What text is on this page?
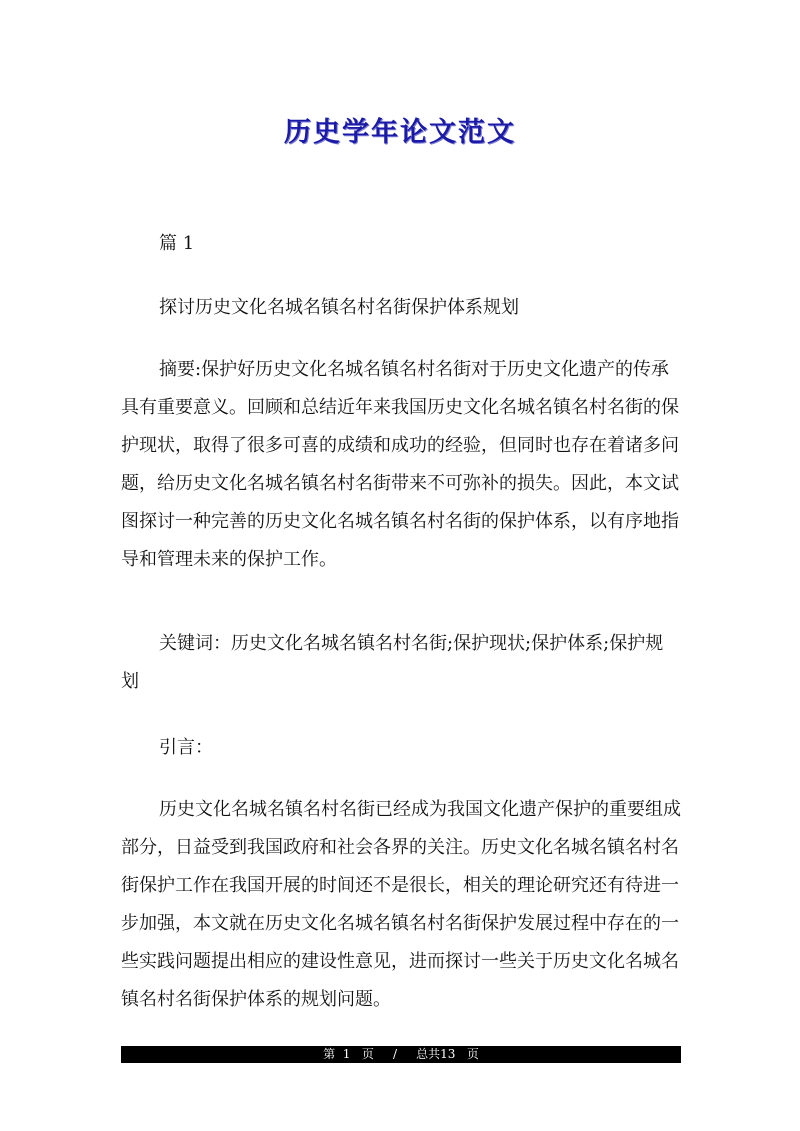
历史学年论文范文

篇 1

探讨历史文化名城名镇名村名街保护体系规划

摘要:保护好历史文化名城名镇名村名街对于历史文化遗产的传承具有重要意义。回顾和总结近年来我国历史文化名城名镇名村名街的保护现状，取得了很多可喜的成绩和成功的经验，但同时也存在着诸多问题，给历史文化名城名镇名村名街带来不可弥补的损失。因此，本文试图探讨一种完善的历史文化名城名镇名村名街的保护体系，以有序地指导和管理未来的保护工作。

关键词：历史文化名城名镇名村名街;保护现状;保护体系;保护规划

引言：

历史文化名城名镇名村名街已经成为我国文化遗产保护的重要组成部分，日益受到我国政府和社会各界的关注。历史文化名城名镇名村名街保护工作在我国开展的时间还不是很长，相关的理论研究还有待进一步加强，本文就在历史文化名城名镇名村名街保护发展过程中存在的一些实践问题提出相应的建设性意见，进而探讨一些关于历史文化名城名镇名村名街保护体系的规划问题。

第 1 页 / 总共13 页
